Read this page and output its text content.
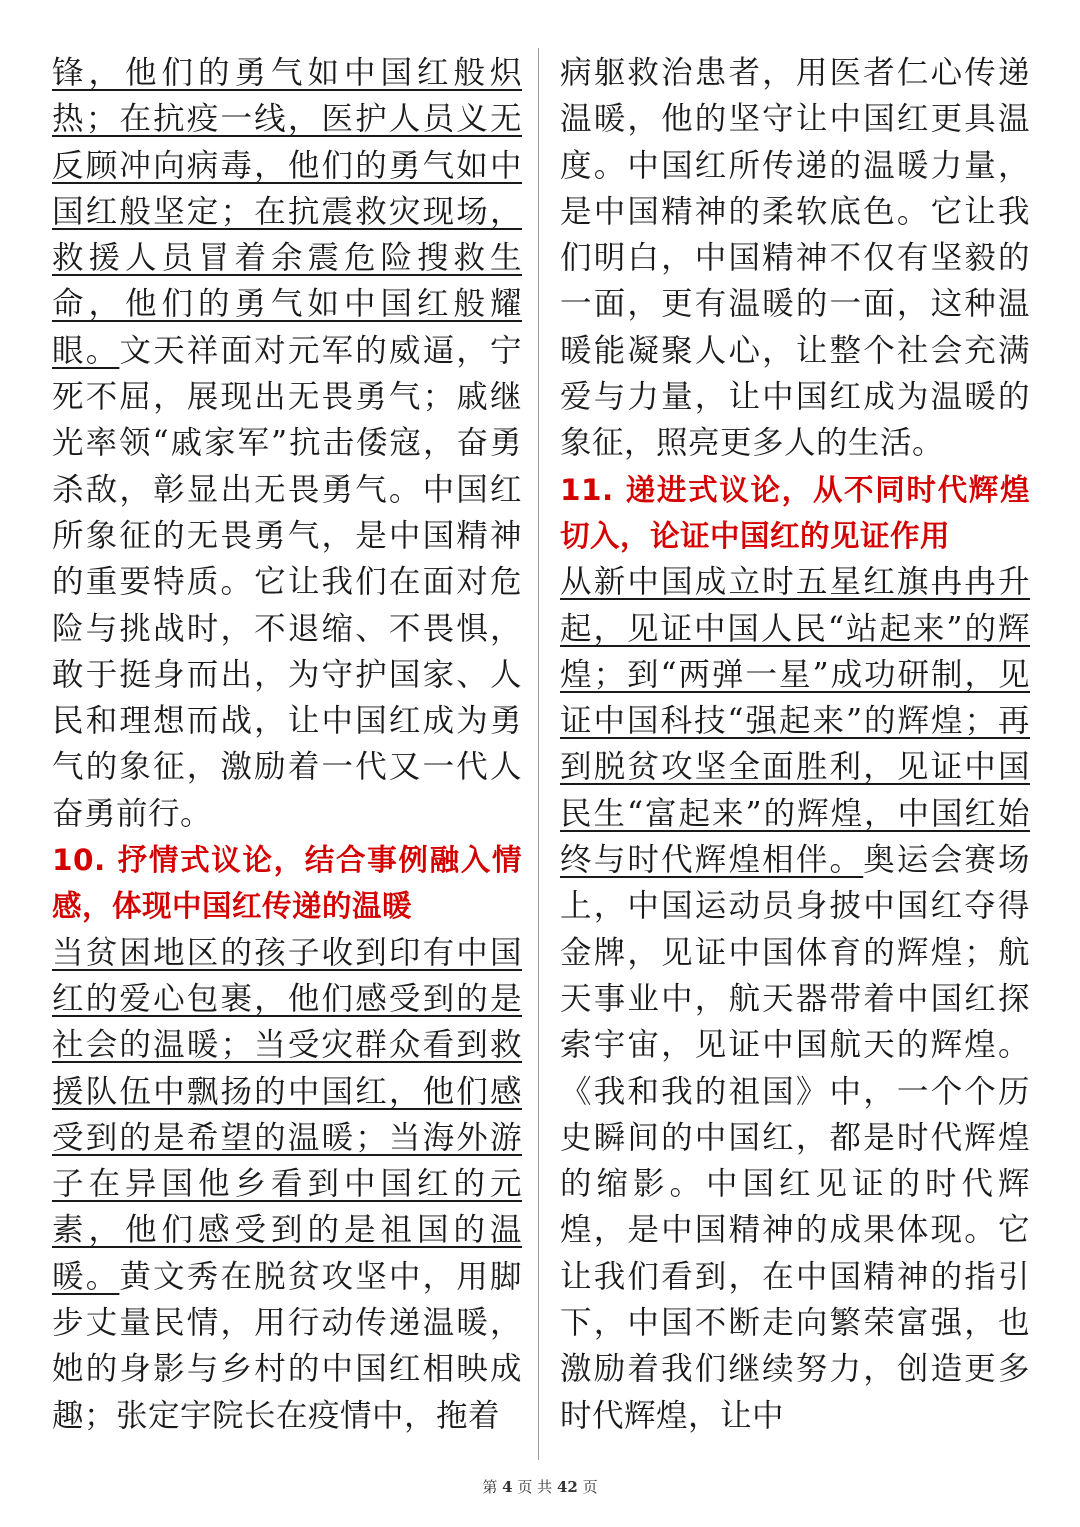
锋，他们的勇气如中国红般炽热；在抗疫一线，医护人员义无反顾冲向病毒，他们的勇气如中国红般坚定；在抗震救灾现场，救援人员冒着余震危险搜救生命，他们的勇气如中国红般耀眼。文天祥面对元军的威逼，宁死不屈，展现出无畏勇气；戚继光率领“戚家军”抗击倭寇，奋勇杀敌，彰显出无畏勇气。中国红所象征的无畏勇气，是中国精神的重要特质。它让我们在面对危险与挑战时，不退缩、不畏惧，敢于挺身而出，为守护国家、人民和理想而战，让中国红成为勇气的象征，激励着一代又一代人奋勇前行。
10. 抒情式议论，结合事例融入情感，体现中国红传递的温暖
当贫困地区的孩子收到印有中国红的爱心包裹，他们感受到的是社会的温暖；当受灾群众看到救援队伍中飘扬的中国红，他们感受到的是希望的温暖；当海外游子在异国他乡看到中国红的元素，他们感受到的是祖国的温暖。黄文秀在脱贫攻坚中，用脚步丈量民情，用行动传递温暖，她的身影与乡村的中国红相映成趣；张定宇院长在疫情中，拖着
病躯救治患者，用医者仁心传递温暖，他的坚守让中国红更具温度。中国红所传递的温暖力量，是中国精神的柔软底色。它让我们明白，中国精神不仅有坚毅的一面，更有温暖的一面，这种温暖能凝聚人心，让整个社会充满爱与力量，让中国红成为温暖的象征，照亮更多人的生活。
11. 递进式议论，从不同时代辉煌切入，论证中国红的见证作用
从新中国成立时五星红旗冉冉升起，见证中国人民“站起来”的辉煌；到“两弹一星”成功研制，见证中国科技“强起来”的辉煌；再到脱贫攻坚全面胜利，见证中国民生“富起来”的辉煌，中国红始终与时代辉煌相伴。奥运会赛场上，中国运动员身披中国红夺得金牌，见证中国体育的辉煌；航天事业中，航天器带着中国红探索宇宙，见证中国航天的辉煌。《我和我的祖国》中，一个个历史瞬间的中国红，都是时代辉煌的缩影。中国红见证的时代辉煌，是中国精神的成果体现。它让我们看到，在中国精神的指引下，中国不断走向繁荣富强，也激励着我们继续努力，创造更多时代辉煌，让中
第 4 页 共 42 页
